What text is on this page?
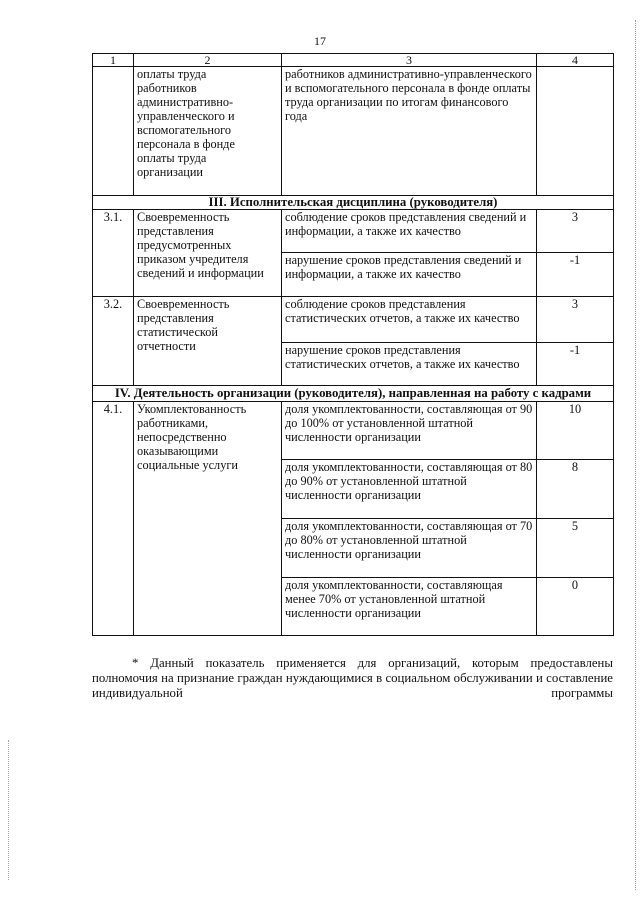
17
1	2	3	4
	оплаты труда работников административно-управленческого и вспомогательного персонала в фонде оплаты труда организации	работников административно-управленческого и вспомогательного персонала в фонде оплаты труда организации по итогам финансового года	
III. Исполнительская дисциплина (руководителя)			
3.1.	Своевременность представления предусмотренных приказом учредителя сведений и информации	соблюдение сроков представления сведений и информации, а также их качество	3
		нарушение сроков представления сведений и информации, а также их качество	-1
3.2.	Своевременность представления статистической отчетности	соблюдение сроков представления статистических отчетов, а также их качество	3
		нарушение сроков представления статистических отчетов, а также их качество	-1
IV. Деятельность организации (руководителя), направленная на работу с кадрами			
4.1.	Укомплектованность работниками, непосредственно оказывающими социальные услуги	доля укомплектованности, составляющая от 90 до 100% от установленной штатной численности организации	10
		доля укомплектованности, составляющая от 80 до 90% от установленной штатной численности организации	8
		доля укомплектованности, составляющая от 70 до 80% от установленной штатной численности организации	5
		доля укомплектованности, составляющая менее 70% от установленной штатной численности организации	0
* Данный показатель применяется для организаций, которым предоставлены полномочия на признание граждан нуждающимися в социальном обслуживании и составление индивидуальной программы
